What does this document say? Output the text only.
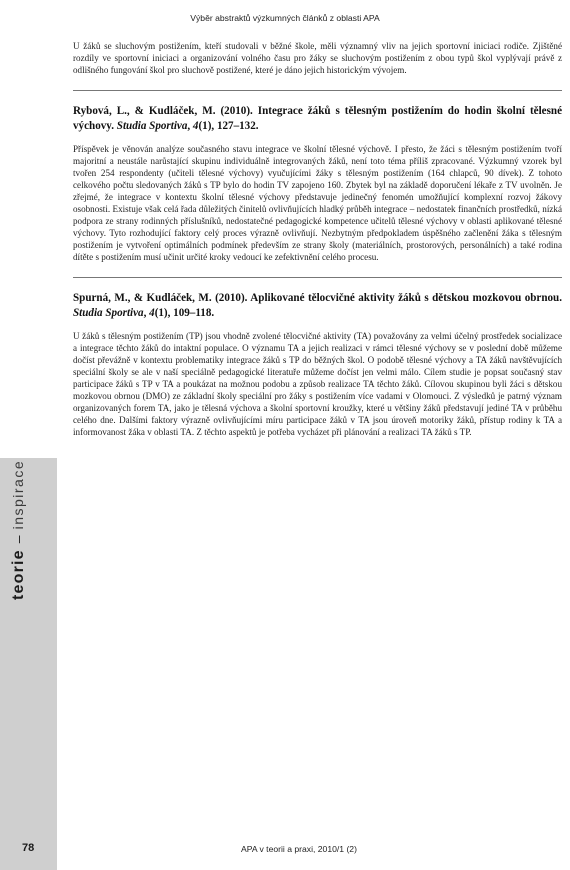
Výběr abstraktů výzkumných článků z oblasti APA

U žáků se sluchovým postižením, kteří studovali v běžné škole, měli významný vliv na jejich sportovní iniciaci rodiče. Zjištěné rozdíly ve sportovní iniciaci a organizování volného času pro žáky se sluchovým postižením z obou typů škol vyplývají právě z odlišného fungování škol pro sluchově postižené, které je dáno jejich historickým vývojem.

Rybová, L., & Kudláček, M. (2010). Integrace žáků s tělesným postižením do hodin školní tělesné výchovy. Studia Sportiva, 4(1), 127–132.

Příspěvek je věnován analýze současného stavu integrace ve školní tělesné výchově. I přesto, že žáci s tělesným postižením tvoří majoritní a neustále narůstající skupinu individuálně integrovaných žáků, není toto téma příliš zpracované. Výzkumný vzorek byl tvořen 254 respondenty (učiteli tělesné výchovy) vyučujícími žáky s tělesným postižením (164 chlapců, 90 dívek). Z tohoto celkového počtu sledovaných žáků s TP bylo do hodin TV zapojeno 160. Zbytek byl na základě doporučení lékaře z TV uvolněn. Je zřejmé, že integrace v kontextu školní tělesné výchovy představuje jedinečný fenomén umožňující komplexní rozvoj žákovy osobnosti. Existuje však celá řada důležitých činitelů ovlivňujících hladký průběh integrace – nedostatek finančních prostředků, nízká podpora ze strany rodinných příslušníků, nedostatečné pedagogické kompetence učitelů tělesné výchovy v oblasti aplikované tělesné výchovy. Tyto rozhodující faktory celý proces výrazně ovlivňují. Nezbytným předpokladem úspěšného začlenění žáka s tělesným postižením je vytvoření optimálních podmínek především ze strany školy (materiálních, prostorových, personálních) a také rodina dítěte s postižením musí učinit určité kroky vedoucí ke zefektivnění celého procesu.

Spurná, M., & Kudláček, M. (2010). Aplikované tělocvičné aktivity žáků s dětskou mozkovou obrnou. Studia Sportiva, 4(1), 109–118.

U žáků s tělesným postižením (TP) jsou vhodně zvolené tělocvičné aktivity (TA) považovány za velmi účelný prostředek socializace a integrace těchto žáků do intaktní populace. O významu TA a jejich realizaci v rámci tělesné výchovy se v poslední době můžeme dočíst převážně v kontextu problematiky integrace žáků s TP do běžných škol. O podobě tělesné výchovy a TA žáků navštěvujících speciální školy se ale v naší speciálně pedagogické literatuře můžeme dočíst jen velmi málo. Cílem studie je popsat současný stav participace žáků s TP v TA a poukázat na možnou podobu a způsob realizace TA těchto žáků. Cílovou skupinou byli žáci s dětskou mozkovou obrnou (DMO) ze základní školy speciální pro žáky s postižením více vadami v Olomouci. Z výsledků je patrný význam organizovaných forem TA, jako je tělesná výchova a školní sportovní kroužky, které u většiny žáků představují jediné TA v průběhu celého dne. Dalšími faktory výrazně ovlivňujícími míru participace žáků v TA jsou úroveň motoriky žáků, přístup rodiny k TA a informovanost žáka v oblasti TA. Z těchto aspektů je potřeba vycházet při plánování a realizaci TA žáků s TP.

teorie–inspirace
78	APA v teorii a praxi, 2010/1 (2)
